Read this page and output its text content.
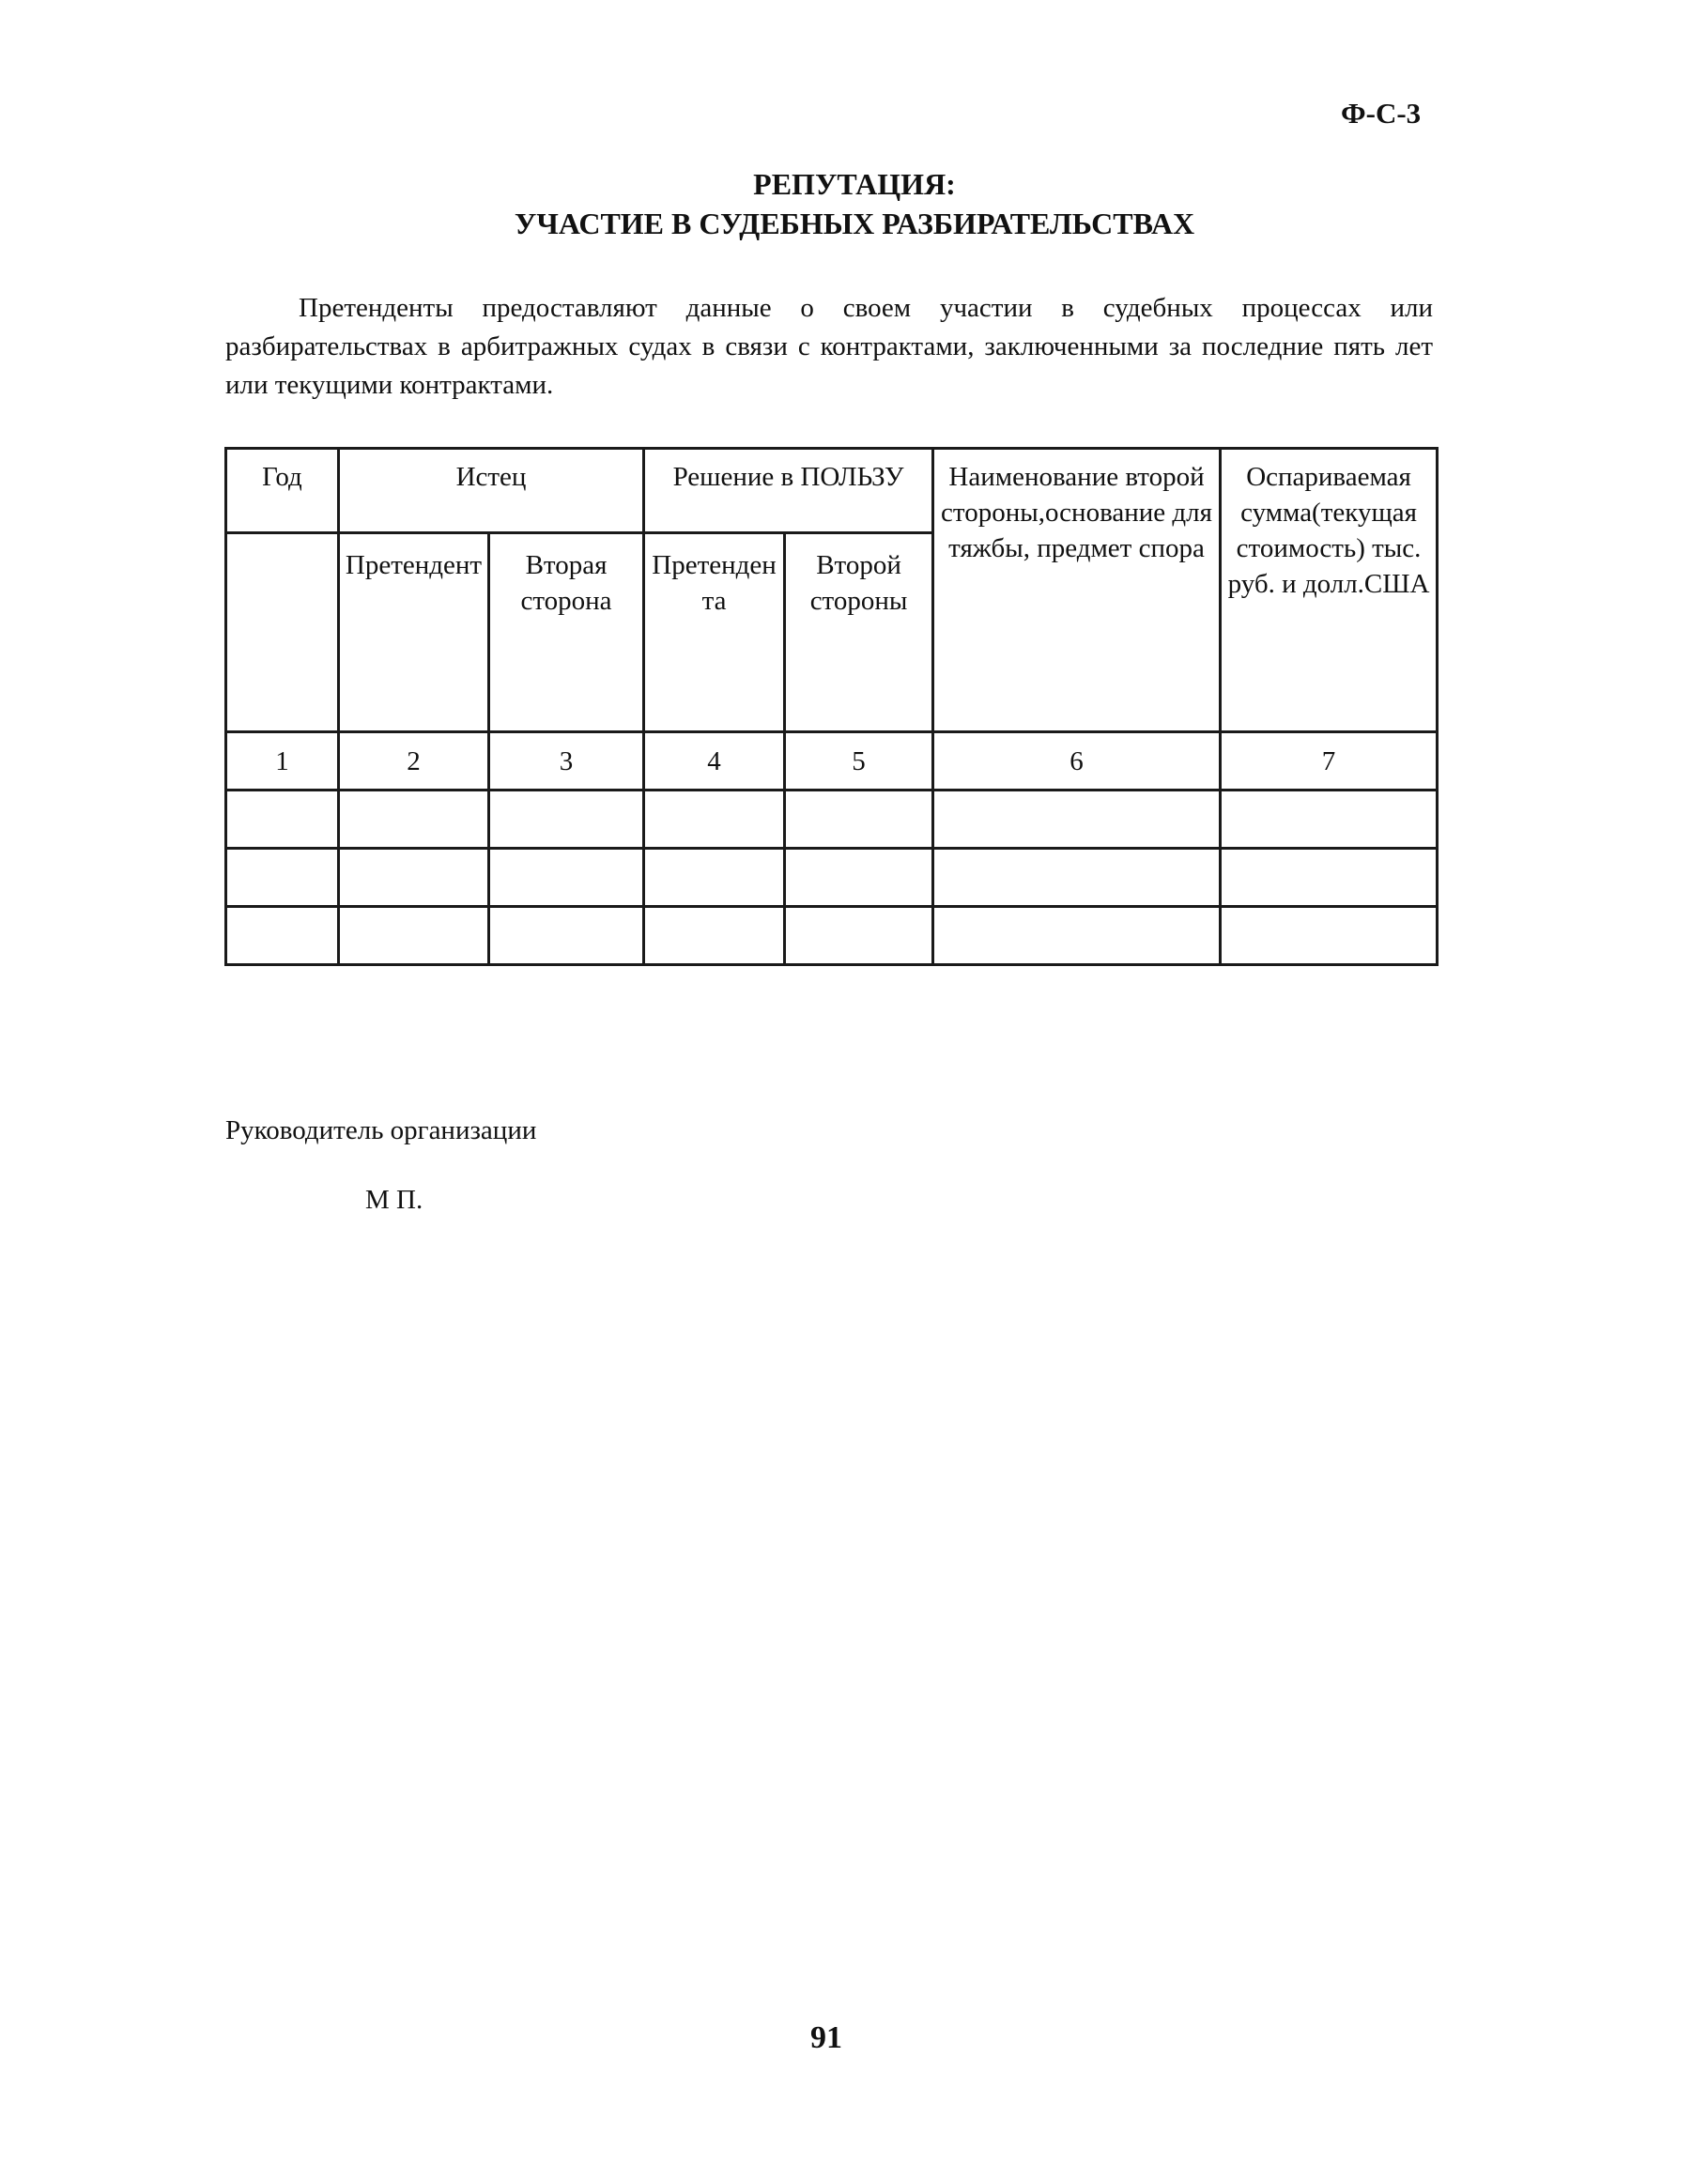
Ф-С-3
РЕПУТАЦИЯ:
УЧАСТИЕ В СУДЕБНЫХ РАЗБИРАТЕЛЬСТВАХ
Претенденты предоставляют данные о своем участии в судебных процессах или разбирательствах в арбитражных судах в связи с контрактами, заключенными за последние пять лет или текущими контрактами.
Год	Истец		Решение в ПОЛЬЗУ		Наименование второй стороны,основание для тяжбы, предмет спора	Оспариваемая сумма(текущая стоимость) тыс. руб. и долл.США
	Претендент	Вторая сторона	Претендента	Второй стороны		
1	2	3	4	5	6	7

Руководитель организации
М П.
91
